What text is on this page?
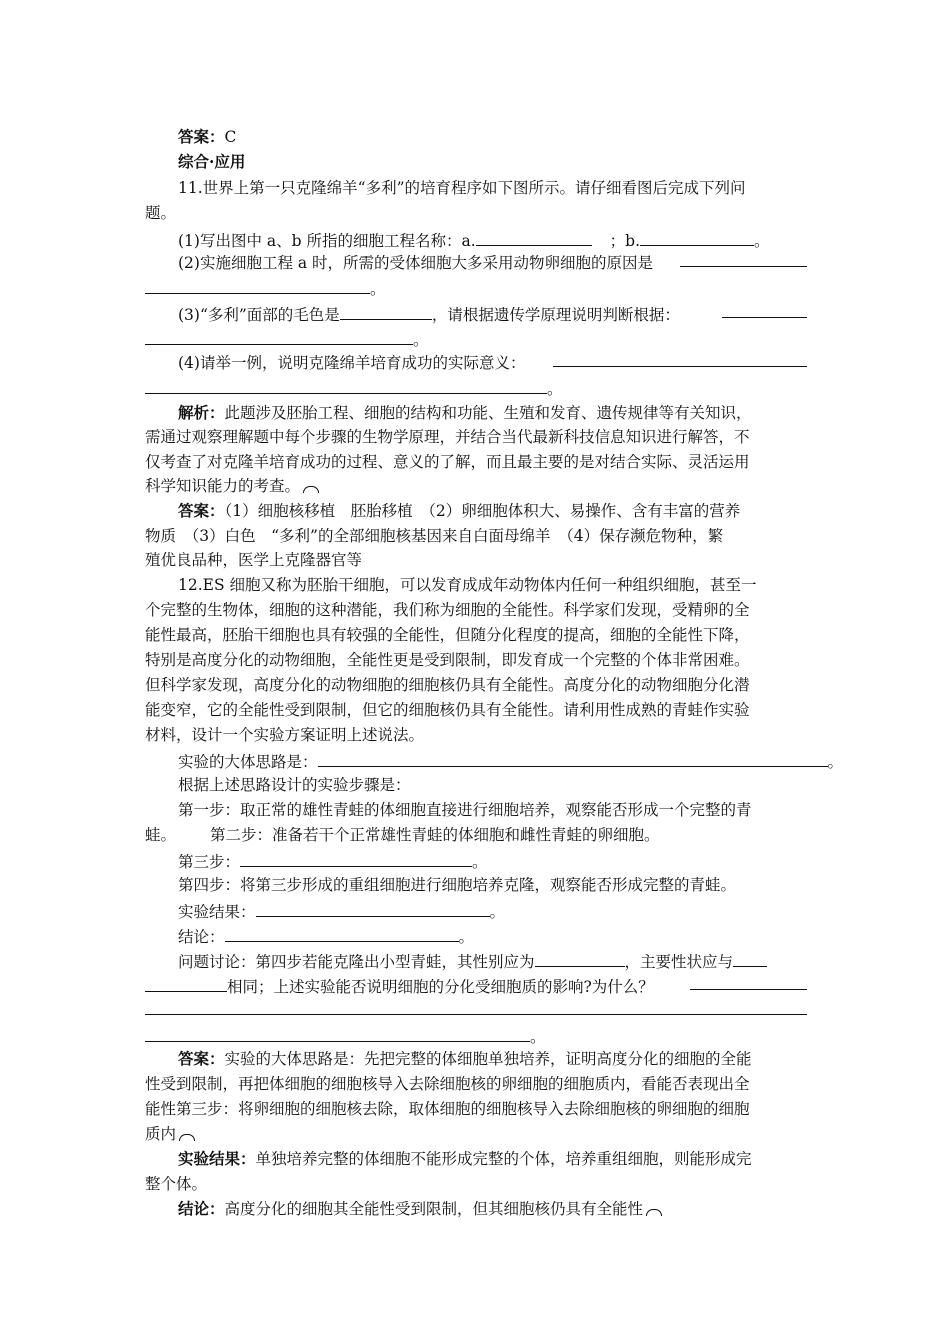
答案：C
综合·应用
11.世界上第一只克隆绵羊“多利”的培育程序如下图所示。请仔细看图后完成下列问
题。
(1)写出图中 a、b 所指的细胞工程名称：a.	；b.	。
(2)实施细胞工程 a 时，所需的受体细胞大多采用动物卵细胞的原因是
。
(3)“多利”面部的毛色是	，请根据遗传学原理说明判断根据：
。
(4)请举一例，说明克隆绵羊培育成功的实际意义：
。
解析：此题涉及胚胎工程、细胞的结构和功能、生殖和发育、遗传规律等有关知识，
需通过观察理解题中每个步骤的生物学原理，并结合当代最新科技信息知识进行解答，不
仅考查了对克隆羊培育成功的过程、意义的了解，而且最主要的是对结合实际、灵活运用
科学知识能力的考查。
答案：（1）细胞核移植　胚胎移植　（2）卵细胞体积大、易操作、含有丰富的营养
物质　（3）白色　“多利”的全部细胞核基因来自白面母绵羊　（4）保存濒危物种，繁
殖优良品种，医学上克隆器官等
12.ES 细胞又称为胚胎干细胞，可以发育成成年动物体内任何一种组织细胞，甚至一
个完整的生物体，细胞的这种潜能，我们称为细胞的全能性。科学家们发现，受精卵的全
能性最高，胚胎干细胞也具有较强的全能性，但随分化程度的提高，细胞的全能性下降，
特别是高度分化的动物细胞，全能性更是受到限制，即发育成一个完整的个体非常困难。
但科学家发现，高度分化的动物细胞的细胞核仍具有全能性。高度分化的动物细胞分化潜
能变窄，它的全能性受到限制，但它的细胞核仍具有全能性。请利用性成熟的青蛙作实验
材料，设计一个实验方案证明上述说法。
实验的大体思路是：	。
根据上述思路设计的实验步骤是：
第一步：取正常的雄性青蛙的体细胞直接进行细胞培养，观察能否形成一个完整的青
蛙。 第二步：准备若干个正常雄性青蛙的体细胞和雌性青蛙的卵细胞。
第三步：	。
第四步：将第三步形成的重组细胞进行细胞培养克隆，观察能否形成完整的青蛙。
实验结果：	。
结论：	。
问题讨论：第四步若能克隆出小型青蛙，其性别应为	，主要性状应与
相同；上述实验能否说明细胞的分化受细胞质的影响?为什么？
。
答案：实验的大体思路是：先把完整的体细胞单独培养，证明高度分化的细胞的全能
性受到限制，再把体细胞的细胞核导入去除细胞核的卵细胞的细胞质内，看能否表现出全
能性第三步：将卵细胞的细胞核去除，取体细胞的细胞核导入去除细胞核的卵细胞的细胞
质内
实验结果：单独培养完整的体细胞不能形成完整的个体，培养重组细胞，则能形成完
整个体。
结论：高度分化的细胞其全能性受到限制，但其细胞核仍具有全能性
